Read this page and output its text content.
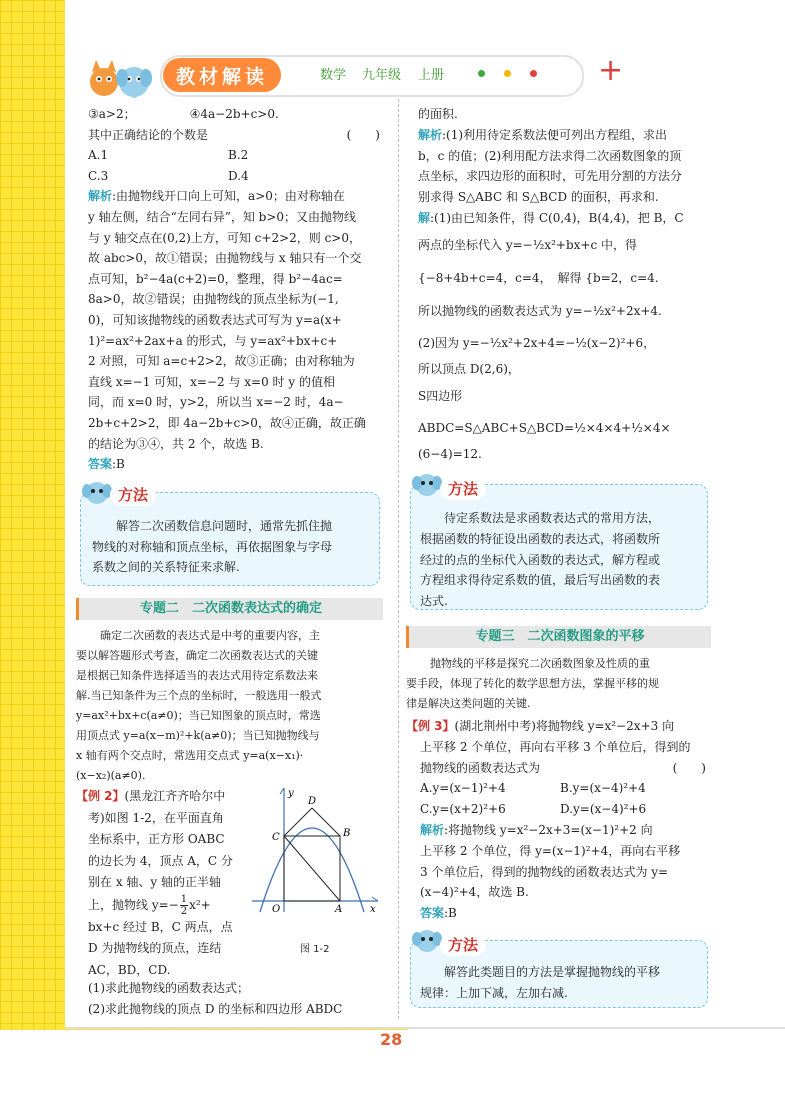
教材解读	数学 九年级 上册	+

③a>2；　　　　　④4a−2b+c>0.

其中正确结论的个数是	(　　)

A.1	B.2

C.3	D.4

解析:由抛物线开口向上可知，a>0；由对称轴在

y 轴左侧，结合“左同右异”，知 b>0；又由抛物线

与 y 轴交点在(0,2)上方，可知 c+2>2，则 c>0，

故 abc>0，故①错误；由抛物线与 x 轴只有一个交

点可知，b²−4a(c+2)=0，整理，得 b²−4ac=

8a>0，故②错误；由抛物线的顶点坐标为(−1,

0)，可知该抛物线的函数表达式可写为 y=a(x+

1)²=ax²+2ax+a 的形式，与 y=ax²+bx+c+

2 对照，可知 a=c+2>2，故③正确；由对称轴为

直线 x=−1 可知，x=−2 与 x=0 时 y 的值相

同，而 x=0 时，y>2，所以当 x=−2 时，4a−

2b+c+2>2，即 4a−2b+c>0，故④正确，故正确

的结论为③④，共 2 个，故选 B.

答案:B

方法

解答二次函数信息问题时，通常先抓住抛

物线的对称轴和顶点坐标，再依据图象与字母

系数之间的关系特征来求解.

专题二　二次函数表达式的确定

确定二次函数的表达式是中考的重要内容，主

要以解答题形式考查，确定二次函数表达式的关键

是根据已知条件选择适当的表达式用待定系数法来

解.当已知条件为三个点的坐标时，一般选用一般式

y=ax²+bx+c(a≠0)；当已知图象的顶点时，常选

用顶点式 y=a(x−m)²+k(a≠0)；当已知抛物线与

x 轴有两个交点时，常选用交点式 y=a(x−x₁)·

(x−x₂)(a≠0).

【例 2】(黑龙江齐齐哈尔中

考)如图 1-2，在平面直角

坐标系中，正方形 OABC

的边长为 4，顶点 A，C 分

别在 x 轴、y 轴的正半轴

上，抛物线 $y=- \frac{1}{2} x^2+$

bx+c 经过 B，C 两点，点

D 为抛物线的顶点，连结

AC，BD，CD.

y
x
O	A
B
C
D
图 1-2

(1)求此抛物线的函数表达式；

(2)求此抛物线的顶点 D 的坐标和四边形 ABDC

的面积.

解析:(1)利用待定系数法便可列出方程组，求出

b，c 的值；(2)利用配方法求得二次函数图象的顶

点坐标，求四边形的面积时，可先用分割的方法分

别求得 S△ABC 和 S△BCD 的面积，再求和.

解:(1)由已知条件，得 C(0,4)，B(4,4)，把 B，C

两点的坐标代入 y=−½x²+bx+c 中，得

{−8+4b+c=4，c=4，　解得 {b=2，c=4.

所以抛物线的函数表达式为 y=−½x²+2x+4.

(2)因为 y=−½x²+2x+4=−½(x−2)²+6，

所以顶点 D(2,6)，

S四边形ABDC=S△ABC+S△BCD=½×4×4+½×4×

(6−4)=12.

方法

待定系数法是求函数表达式的常用方法，

根据函数的特征设出函数的表达式，将函数所

经过的点的坐标代入函数的表达式，解方程或

方程组求得待定系数的值，最后写出函数的表

达式.

专题三　二次函数图象的平移

抛物线的平移是探究二次函数图象及性质的重

要手段，体现了转化的数学思想方法，掌握平移的规

律是解决这类问题的关键.

【例 3】(湖北荆州中考)将抛物线 y=x²−2x+3 向

上平移 2 个单位，再向右平移 3 个单位后，得到的

抛物线的函数表达式为	(　　)

A.y=(x−1)²+4	B.y=(x−4)²+4

C.y=(x+2)²+6	D.y=(x−4)²+6

解析:将抛物线 y=x²−2x+3=(x−1)²+2 向

上平移 2 个单位，得 y=(x−1)²+4，再向右平移

3 个单位后，得到的抛物线的函数表达式为 y=

(x−4)²+4，故选 B.

答案:B

方法

解答此类题目的方法是掌握抛物线的平移

规律：上加下减，左加右减.

28
